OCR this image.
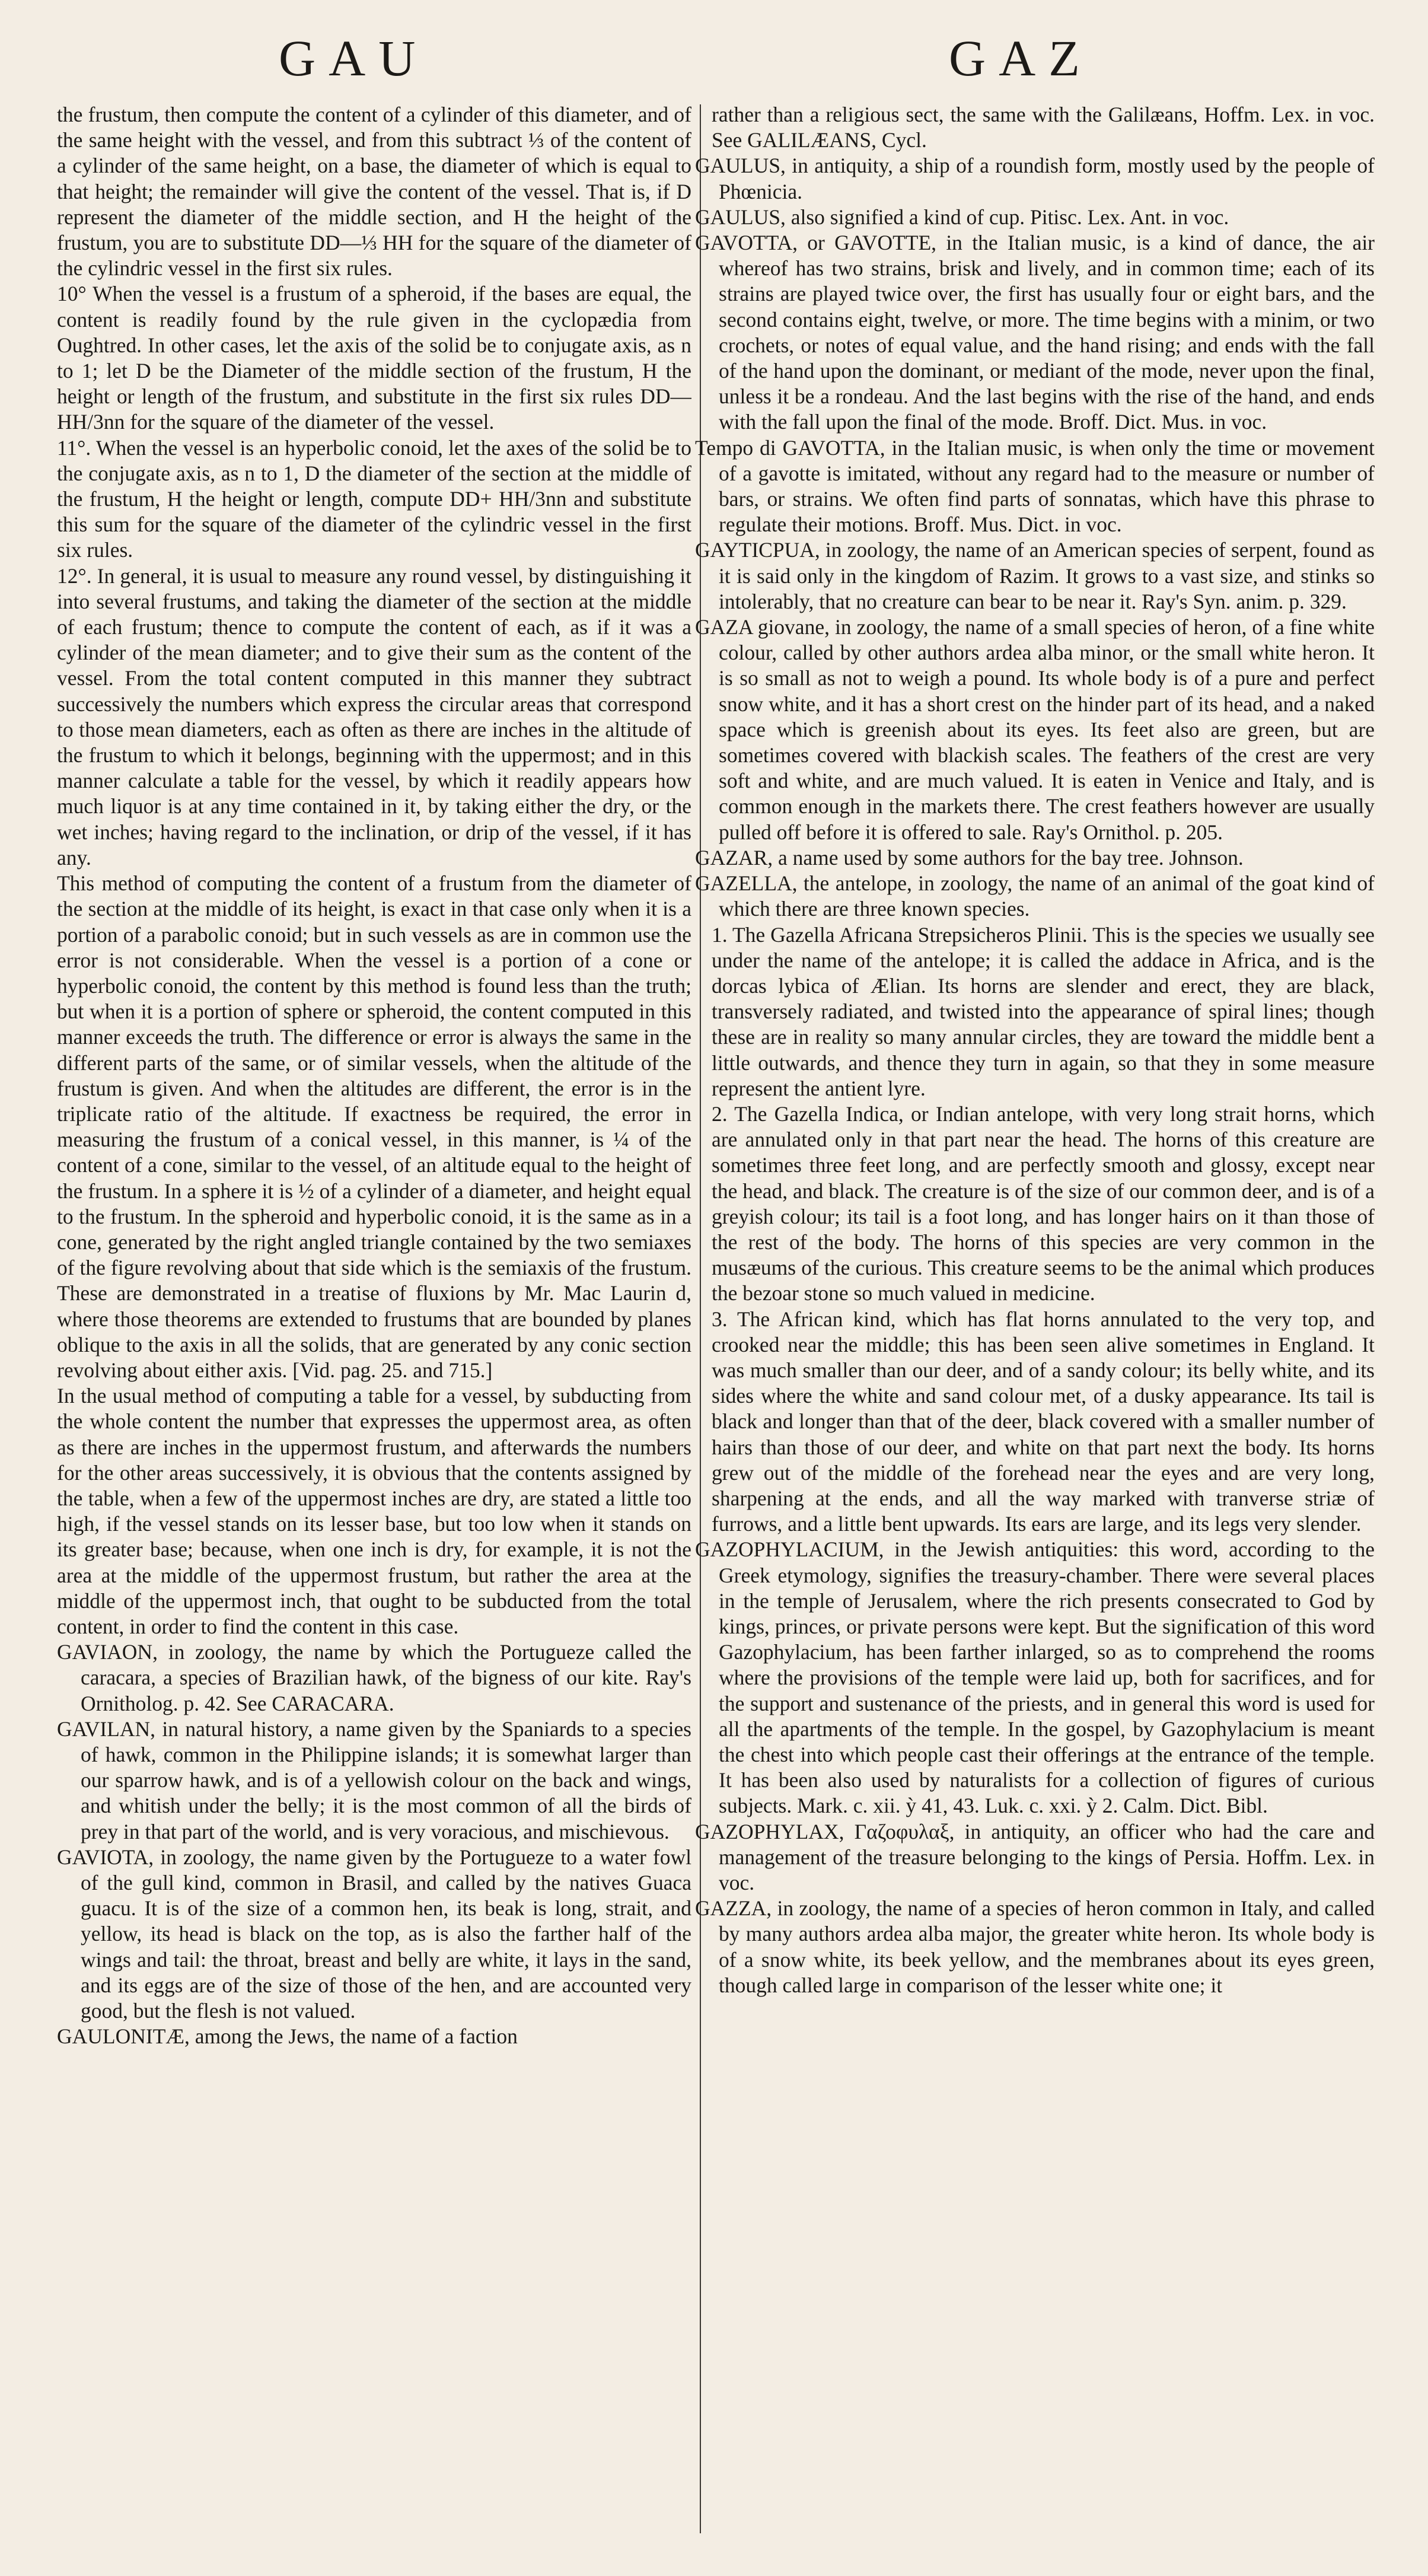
GAU	GAZ

the frustum, then compute the content of a cylinder of this diameter, and of the same height with the vessel, and from this subtract ⅓ of the content of a cylinder of the same height, on a base, the diameter of which is equal to that height; the remainder will give the content of the vessel. That is, if D represent the diameter of the middle section, and H the height of the frustum, you are to substitute DD—⅓ HH for the square of the diameter of the cylindric vessel in the first six rules.

10° When the vessel is a frustum of a spheroid, if the bases are equal, the content is readily found by the rule given in the cyclopædia from Oughtred. In other cases, let the axis of the solid be to conjugate axis, as n to 1; let D be the Diameter of the middle section of the frustum, H the height or length of the frustum, and substitute in the first six rules DD—HH/3nn for the square of the diameter of the vessel.

11°. When the vessel is an hyperbolic conoid, let the axes of the solid be to the conjugate axis, as n to 1, D the diameter of the section at the middle of the frustum, H the height or length, compute DD+ HH/3nn and substitute this sum for the square of the diameter of the cylindric vessel in the first six rules.

12°. In general, it is usual to measure any round vessel, by distinguishing it into several frustums, and taking the diameter of the section at the middle of each frustum; thence to compute the content of each, as if it was a cylinder of the mean diameter; and to give their sum as the content of the vessel. From the total content computed in this manner they subtract successively the numbers which express the circular areas that correspond to those mean diameters, each as often as there are inches in the altitude of the frustum to which it belongs, beginning with the uppermost; and in this manner calculate a table for the vessel, by which it readily appears how much liquor is at any time contained in it, by taking either the dry, or the wet inches; having regard to the inclination, or drip of the vessel, if it has any.

This method of computing the content of a frustum from the diameter of the section at the middle of its height, is exact in that case only when it is a portion of a parabolic conoid; but in such vessels as are in common use the error is not considerable. When the vessel is a portion of a cone or hyperbolic conoid, the content by this method is found less than the truth; but when it is a portion of sphere or spheroid, the content computed in this manner exceeds the truth. The difference or error is always the same in the different parts of the same, or of similar vessels, when the altitude of the frustum is given. And when the altitudes are different, the error is in the triplicate ratio of the altitude. If exactness be required, the error in measuring the frustum of a conical vessel, in this manner, is ¼ of the content of a cone, similar to the vessel, of an altitude equal to the height of the frustum. In a sphere it is ½ of a cylinder of a diameter, and height equal to the frustum. In the spheroid and hyperbolic conoid, it is the same as in a cone, generated by the right angled triangle contained by the two semiaxes of the figure revolving about that side which is the semiaxis of the frustum. These are demonstrated in a treatise of fluxions by Mr. Mac Laurin d, where those theorems are extended to frustums that are bounded by planes oblique to the axis in all the solids, that are generated by any conic section revolving about either axis. [Vid. pag. 25. and 715.]

In the usual method of computing a table for a vessel, by subducting from the whole content the number that expresses the uppermost area, as often as there are inches in the uppermost frustum, and afterwards the numbers for the other areas successively, it is obvious that the contents assigned by the table, when a few of the uppermost inches are dry, are stated a little too high, if the vessel stands on its lesser base, but too low when it stands on its greater base; because, when one inch is dry, for example, it is not the area at the middle of the uppermost frustum, but rather the area at the middle of the uppermost inch, that ought to be subducted from the total content, in order to find the content in this case.

GAVIAON, in zoology, the name by which the Portugueze called the caracara, a species of Brazilian hawk, of the bigness of our kite. Ray's Ornitholog. p. 42. See CARACARA.

GAVILAN, in natural history, a name given by the Spaniards to a species of hawk, common in the Philippine islands; it is somewhat larger than our sparrow hawk, and is of a yellowish colour on the back and wings, and whitish under the belly; it is the most common of all the birds of prey in that part of the world, and is very voracious, and mischievous.

GAVIOTA, in zoology, the name given by the Portugueze to a water fowl of the gull kind, common in Brasil, and called by the natives Guaca guacu. It is of the size of a common hen, its beak is long, strait, and yellow, its head is black on the top, as is also the farther half of the wings and tail: the throat, breast and belly are white, it lays in the sand, and its eggs are of the size of those of the hen, and are accounted very good, but the flesh is not valued.

GAULONITÆ, among the Jews, the name of a faction

rather than a religious sect, the same with the Galilæans, Hoffm. Lex. in voc. See GALILÆANS, Cycl.

GAULUS, in antiquity, a ship of a roundish form, mostly used by the people of Phœnicia.

GAULUS, also signified a kind of cup. Pitisc. Lex. Ant. in voc.

GAVOTTA, or GAVOTTE, in the Italian music, is a kind of dance, the air whereof has two strains, brisk and lively, and in common time; each of its strains are played twice over, the first has usually four or eight bars, and the second contains eight, twelve, or more. The time begins with a minim, or two crochets, or notes of equal value, and the hand rising; and ends with the fall of the hand upon the dominant, or mediant of the mode, never upon the final, unless it be a rondeau. And the last begins with the rise of the hand, and ends with the fall upon the final of the mode. Broff. Dict. Mus. in voc.

Tempo di GAVOTTA, in the Italian music, is when only the time or movement of a gavotte is imitated, without any regard had to the measure or number of bars, or strains. We often find parts of sonnatas, which have this phrase to regulate their motions. Broff. Mus. Dict. in voc.

GAYTICPUA, in zoology, the name of an American species of serpent, found as it is said only in the kingdom of Razim. It grows to a vast size, and stinks so intolerably, that no creature can bear to be near it. Ray's Syn. anim. p. 329.

GAZA giovane, in zoology, the name of a small species of heron, of a fine white colour, called by other authors ardea alba minor, or the small white heron. It is so small as not to weigh a pound. Its whole body is of a pure and perfect snow white, and it has a short crest on the hinder part of its head, and a naked space which is greenish about its eyes. Its feet also are green, but are sometimes covered with blackish scales. The feathers of the crest are very soft and white, and are much valued. It is eaten in Venice and Italy, and is common enough in the markets there. The crest feathers however are usually pulled off before it is offered to sale. Ray's Ornithol. p. 205.

GAZAR, a name used by some authors for the bay tree. Johnson.

GAZELLA, the antelope, in zoology, the name of an animal of the goat kind of which there are three known species.

1. The Gazella Africana Strepsicheros Plinii. This is the species we usually see under the name of the antelope; it is called the addace in Africa, and is the dorcas lybica of Ælian. Its horns are slender and erect, they are black, transversely radiated, and twisted into the appearance of spiral lines; though these are in reality so many annular circles, they are toward the middle bent a little outwards, and thence they turn in again, so that they in some measure represent the antient lyre.

2. The Gazella Indica, or Indian antelope, with very long strait horns, which are annulated only in that part near the head. The horns of this creature are sometimes three feet long, and are perfectly smooth and glossy, except near the head, and black. The creature is of the size of our common deer, and is of a greyish colour; its tail is a foot long, and has longer hairs on it than those of the rest of the body. The horns of this species are very common in the musæums of the curious. This creature seems to be the animal which produces the bezoar stone so much valued in medicine.

3. The African kind, which has flat horns annulated to the very top, and crooked near the middle; this has been seen alive sometimes in England. It was much smaller than our deer, and of a sandy colour; its belly white, and its sides where the white and sand colour met, of a dusky appearance. Its tail is black and longer than that of the deer, black covered with a smaller number of hairs than those of our deer, and white on that part next the body. Its horns grew out of the middle of the forehead near the eyes and are very long, sharpening at the ends, and all the way marked with tranverse striæ of furrows, and a little bent upwards. Its ears are large, and its legs very slender.

GAZOPHYLACIUM, in the Jewish antiquities: this word, according to the Greek etymology, signifies the treasury-chamber. There were several places in the temple of Jerusalem, where the rich presents consecrated to God by kings, princes, or private persons were kept. But the signification of this word Gazophylacium, has been farther inlarged, so as to comprehend the rooms where the provisions of the temple were laid up, both for sacrifices, and for the support and sustenance of the priests, and in general this word is used for all the apartments of the temple. In the gospel, by Gazophylacium is meant the chest into which people cast their offerings at the entrance of the temple. It has been also used by naturalists for a collection of figures of curious subjects. Mark. c. xii. ỳ 41, 43. Luk. c. xxi. ỳ 2. Calm. Dict. Bibl.

GAZOPHYLAX, Γαζοφυλαξ, in antiquity, an officer who had the care and management of the treasure belonging to the kings of Persia. Hoffm. Lex. in voc.

GAZZA, in zoology, the name of a species of heron common in Italy, and called by many authors ardea alba major, the greater white heron. Its whole body is of a snow white, its beek yellow, and the membranes about its eyes green, though called large in comparison of the lesser white one; it
